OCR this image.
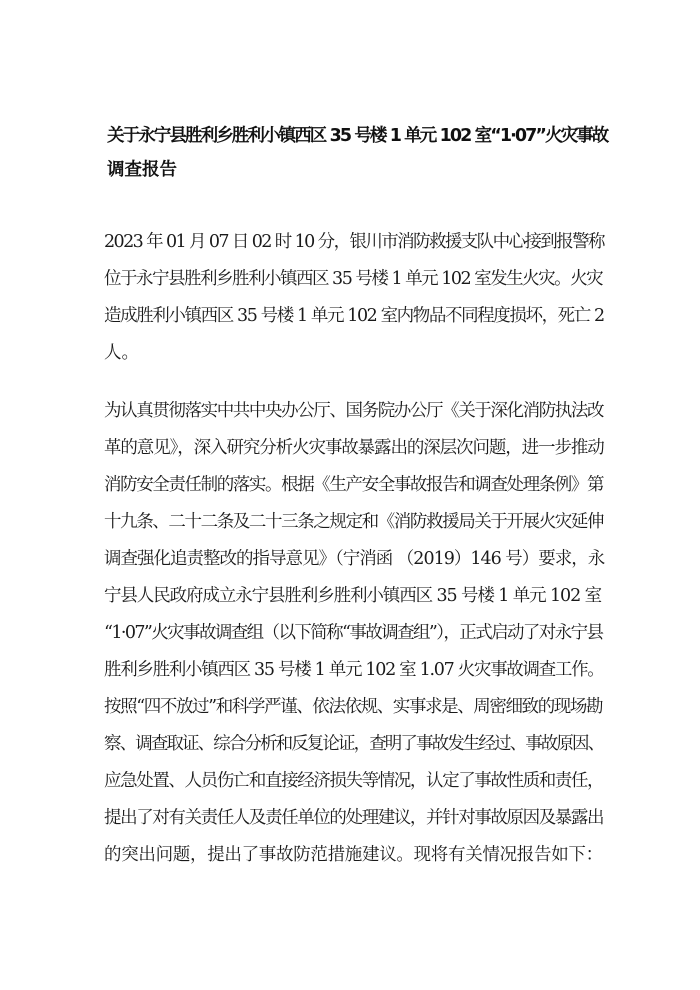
关于永宁县胜利乡胜利小镇西区 35 号楼 1 单元 102 室“1·07”火灾事故
调查报告

2023 年 01 月 07 日 02 时 10 分，银川市消防救援支队中心接到报警称
位于永宁县胜利乡胜利小镇西区 35 号楼 1 单元 102 室发生火灾。火灾
造成胜利小镇西区 35 号楼 1 单元 102 室内物品不同程度损坏，死亡 2
人。

为认真贯彻落实中共中央办公厅、国务院办公厅《关于深化消防执法改
革的意见》，深入研究分析火灾事故暴露出的深层次问题，进一步推动
消防安全责任制的落实。根据《生产安全事故报告和调查处理条例》第
十九条、二十二条及二十三条之规定和《消防救援局关于开展火灾延伸
调查强化追责整改的指导意见》（宁消函 （2019）146 号）要求，永
宁县人民政府成立永宁县胜利乡胜利小镇西区 35 号楼 1 单元 102 室
“1·07”火灾事故调查组（以下简称“事故调查组”），正式启动了对永宁县
胜利乡胜利小镇西区 35 号楼 1 单元 102 室 1.07 火灾事故调查工作。
按照“四不放过”和科学严谨、依法依规、实事求是、周密细致的现场勘
察、调查取证、综合分析和反复论证，查明了事故发生经过、事故原因、
应急处置、人员伤亡和直接经济损失等情况，认定了事故性质和责任，
提出了对有关责任人及责任单位的处理建议，并针对事故原因及暴露出
的突出问题，提出了事故防范措施建议。现将有关情况报告如下：
